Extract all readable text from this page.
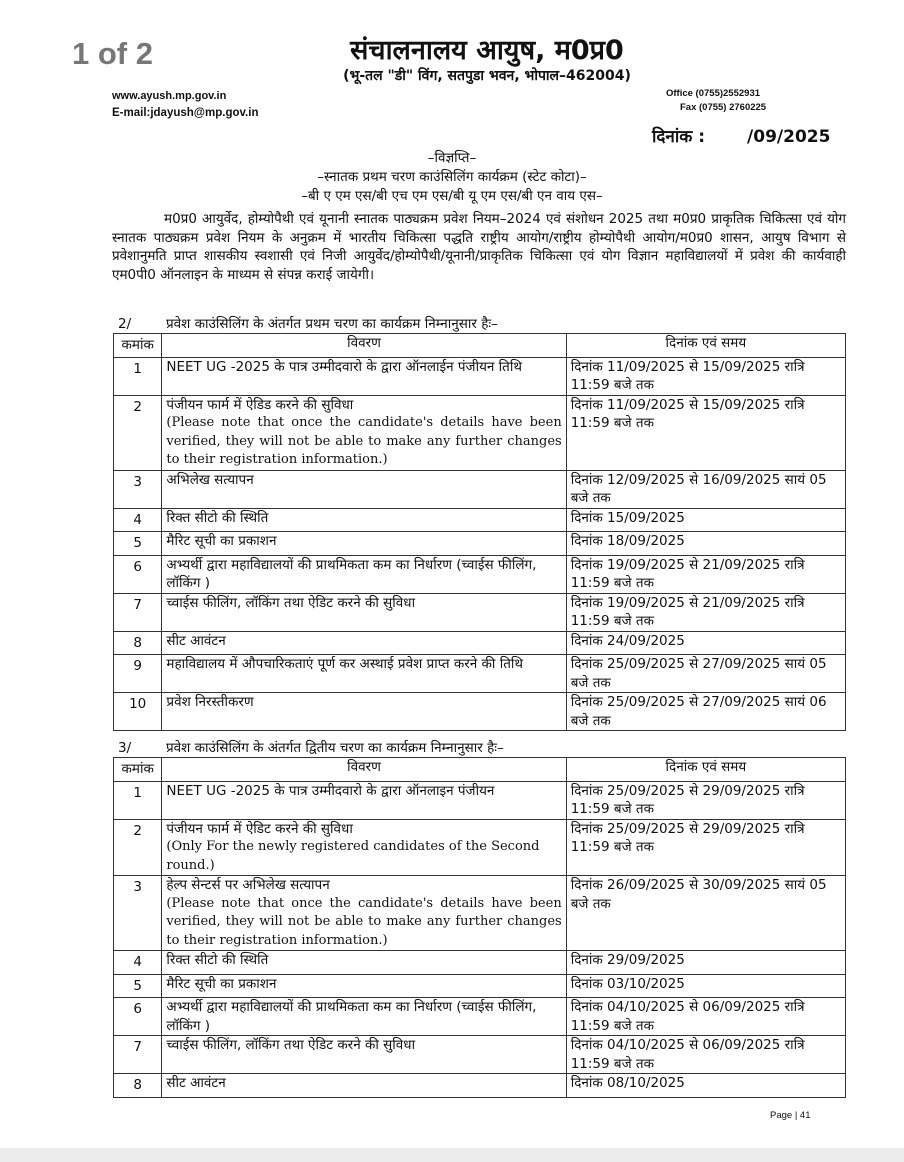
1 of 2	संचालनालय आयुष, म0प्र0
(भू-तल "डी" विंग, सतपुडा भवन, भोपाल–462004)
www.ayush.mp.gov.in
E-mail:jdayush@mp.gov.in
Office (0755)2552931
Fax (0755) 2760225
दिनांक : /09/2025
–विज्ञप्ति–
–स्नातक प्रथम चरण काउंसिलिंग कार्यक्रम (स्टेट कोटा)–
–बी ए एम एस/बी एच एम एस/बी यू एम एस/बी एन वाय एस–
म0प्र0 आयुर्वेद, होम्योपैथी एवं यूनानी स्नातक पाठ्यक्रम प्रवेश नियम–2024 एवं संशोधन 2025 तथा म0प्र0 प्राकृतिक चिकित्सा एवं योग स्नातक पाठ्यक्रम प्रवेश नियम के अनुक्रम में भारतीय चिकित्सा पद्धति राष्ट्रीय आयोग/राष्ट्रीय होम्योपैथी आयोग/म0प्र0 शासन, आयुष विभाग से प्रवेशानुमति प्राप्त शासकीय स्वशासी एवं निजी आयुर्वेद/होम्योपैथी/यूनानी/प्राकृतिक चिकित्सा एवं योग विज्ञान महाविद्यालयों में प्रवेश की कार्यवाही एम0पी0 ऑनलाइन के माध्यम से संपन्न कराई जायेगी।
2/	प्रवेश काउंसिलिंग के अंतर्गत प्रथम चरण का कार्यक्रम निम्नानुसार हैः–
कमांक	विवरण	दिनांक एवं समय
1	NEET UG -2025 के पात्र उम्मीदवारो के द्वारा ऑनलाईन पंजीयन तिथि	दिनांक 11/09/2025 से 15/09/2025 रात्रि 11:59 बजे तक
2	पंजीयन फार्म में ऐडिड करने की सुविधा
(Please note that once the candidate's details have been verified, they will not be able to make any further changes to their registration information.)	दिनांक 11/09/2025 से 15/09/2025 रात्रि 11:59 बजे तक
3	अभिलेख सत्यापन	दिनांक 12/09/2025 से 16/09/2025 सायं 05 बजे तक
4	रिक्त सीटो की स्थिति	दिनांक 15/09/2025
5	मैरिट सूची का प्रकाशन	दिनांक 18/09/2025
6	अभ्यर्थी द्वारा महाविद्यालयों की प्राथमिकता कम का निर्धारण (च्वाईस फीलिंग, लॉकिंग )	दिनांक 19/09/2025 से 21/09/2025 रात्रि 11:59 बजे तक
7	च्वाईस फीलिंग, लॉकिंग तथा ऐडिट करने की सुविधा	दिनांक 19/09/2025 से 21/09/2025 रात्रि 11:59 बजे तक
8	सीट आवंटन	दिनांक 24/09/2025
9	महाविद्यालय में औपचारिकताएं पूर्ण कर अस्थाई प्रवेश प्राप्त करने की तिथि	दिनांक 25/09/2025 से 27/09/2025 सायं 05 बजे तक
10	प्रवेश निरस्तीकरण	दिनांक 25/09/2025 से 27/09/2025 सायं 06 बजे तक
3/	प्रवेश काउंसिलिंग के अंतर्गत द्वितीय चरण का कार्यक्रम निम्नानुसार हैः–
कमांक	विवरण	दिनांक एवं समय
1	NEET UG -2025 के पात्र उम्मीदवारो के द्वारा ऑनलाइन पंजीयन	दिनांक 25/09/2025 से 29/09/2025 रात्रि 11:59 बजे तक
2	पंजीयन फार्म में ऐडिट करने की सुविधा
(Only For the newly registered candidates of the Second round.)	दिनांक 25/09/2025 से 29/09/2025 रात्रि 11:59 बजे तक
3	हेल्प सेन्टर्स पर अभिलेख सत्यापन
(Please note that once the candidate's details have been verified, they will not be able to make any further changes to their registration information.)	दिनांक 26/09/2025 से 30/09/2025 सायं 05 बजे तक
4	रिक्त सीटो की स्थिति	दिनांक 29/09/2025
5	मैरिट सूची का प्रकाशन	दिनांक 03/10/2025
6	अभ्यर्थी द्वारा महाविद्यालयों की प्राथमिकता कम का निर्धारण (च्वाईस फीलिंग, लॉकिंग )	दिनांक 04/10/2025 से 06/09/2025 रात्रि 11:59 बजे तक
7	च्वाईस फीलिंग, लॉकिंग तथा ऐडिट करने की सुविधा	दिनांक 04/10/2025 से 06/09/2025 रात्रि 11:59 बजे तक
8	सीट आवंटन	दिनांक 08/10/2025
Page | 41
